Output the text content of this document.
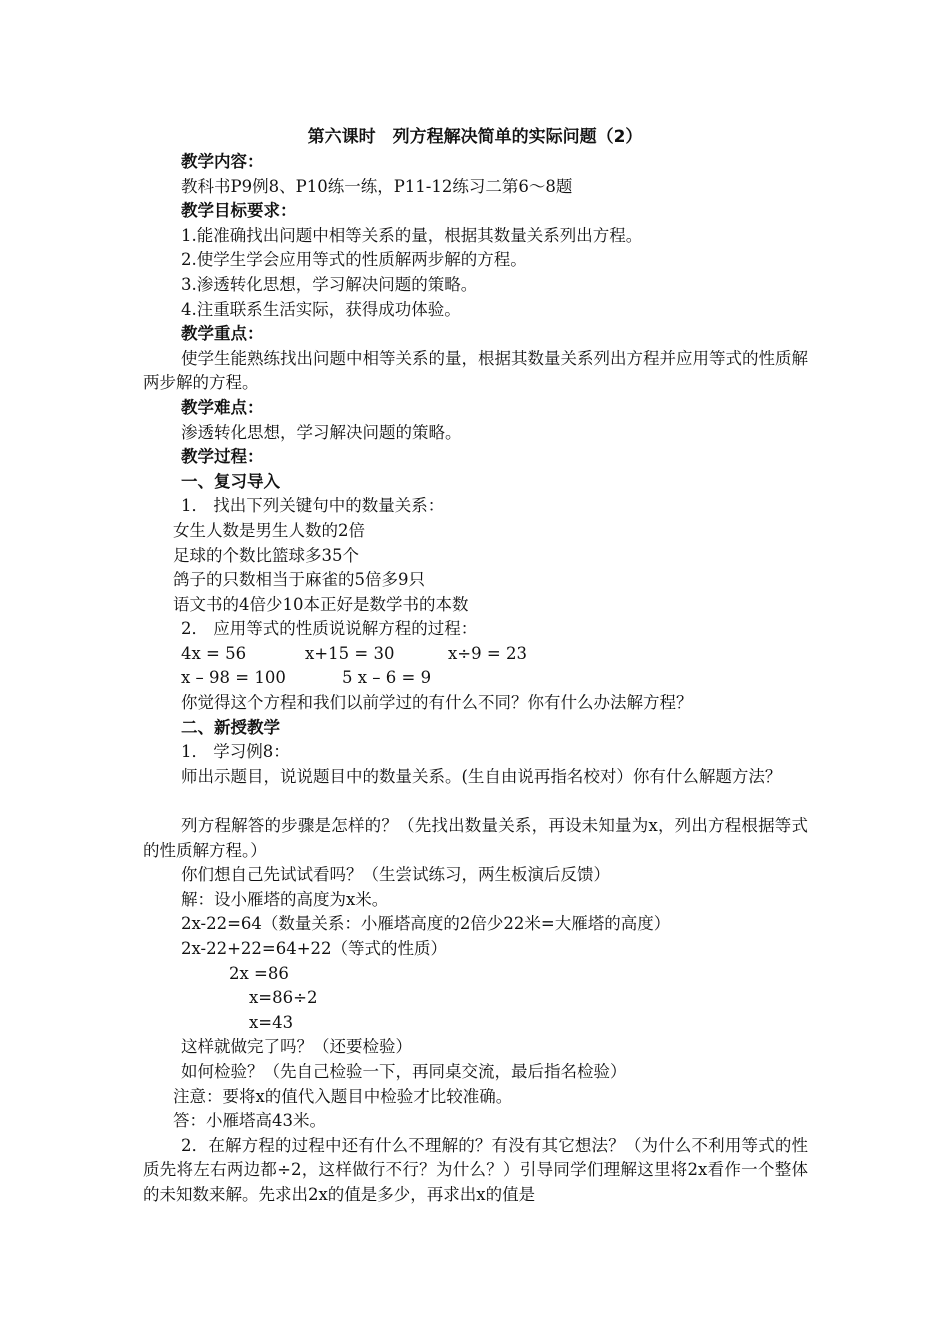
第六课时　列方程解决简单的实际问题（2）
教学内容：
教科书P9例8、P10练一练，P11-12练习二第6～8题
教学目标要求：
1.能准确找出问题中相等关系的量，根据其数量关系列出方程。
2.使学生学会应用等式的性质解两步解的方程。
3.渗透转化思想，学习解决问题的策略。
4.注重联系生活实际，获得成功体验。
教学重点：
使学生能熟练找出问题中相等关系的量，根据其数量关系列出方程并应用等式的性质解两步解的方程。
教学难点：
渗透转化思想，学习解决问题的策略。
教学过程：
一、复习导入
1． 找出下列关键句中的数量关系：
女生人数是男生人数的2倍
足球的个数比篮球多35个
鸽子的只数相当于麻雀的5倍多9只
语文书的4倍少10本正好是数学书的本数
2． 应用等式的性质说说解方程的过程：
4x = 56	x+15 = 30	x÷9 = 23
x – 98 = 100	5 x – 6 = 9
你觉得这个方程和我们以前学过的有什么不同？你有什么办法解方程？
二、新授教学
1． 学习例8：
师出示题目，说说题目中的数量关系。(生自由说再指名校对）你有什么解题方法？
列方程解答的步骤是怎样的？（先找出数量关系，再设未知量为x，列出方程根据等式的性质解方程。）
你们想自己先试试看吗？（生尝试练习，两生板演后反馈）
解：设小雁塔的高度为x米。
2x-22=64（数量关系：小雁塔高度的2倍少22米=大雁塔的高度）
2x-22+22=64+22（等式的性质）
2x =86
x=86÷2
x=43
这样就做完了吗？（还要检验）
如何检验？（先自己检验一下，再同桌交流，最后指名检验）
注意：要将x的值代入题目中检验才比较准确。
答：小雁塔高43米。
2．在解方程的过程中还有什么不理解的？有没有其它想法？（为什么不利用等式的性质先将左右两边都÷2，这样做行不行？为什么？）引导同学们理解这里将2x看作一个整体的未知数来解。先求出2x的值是多少，再求出x的值是
